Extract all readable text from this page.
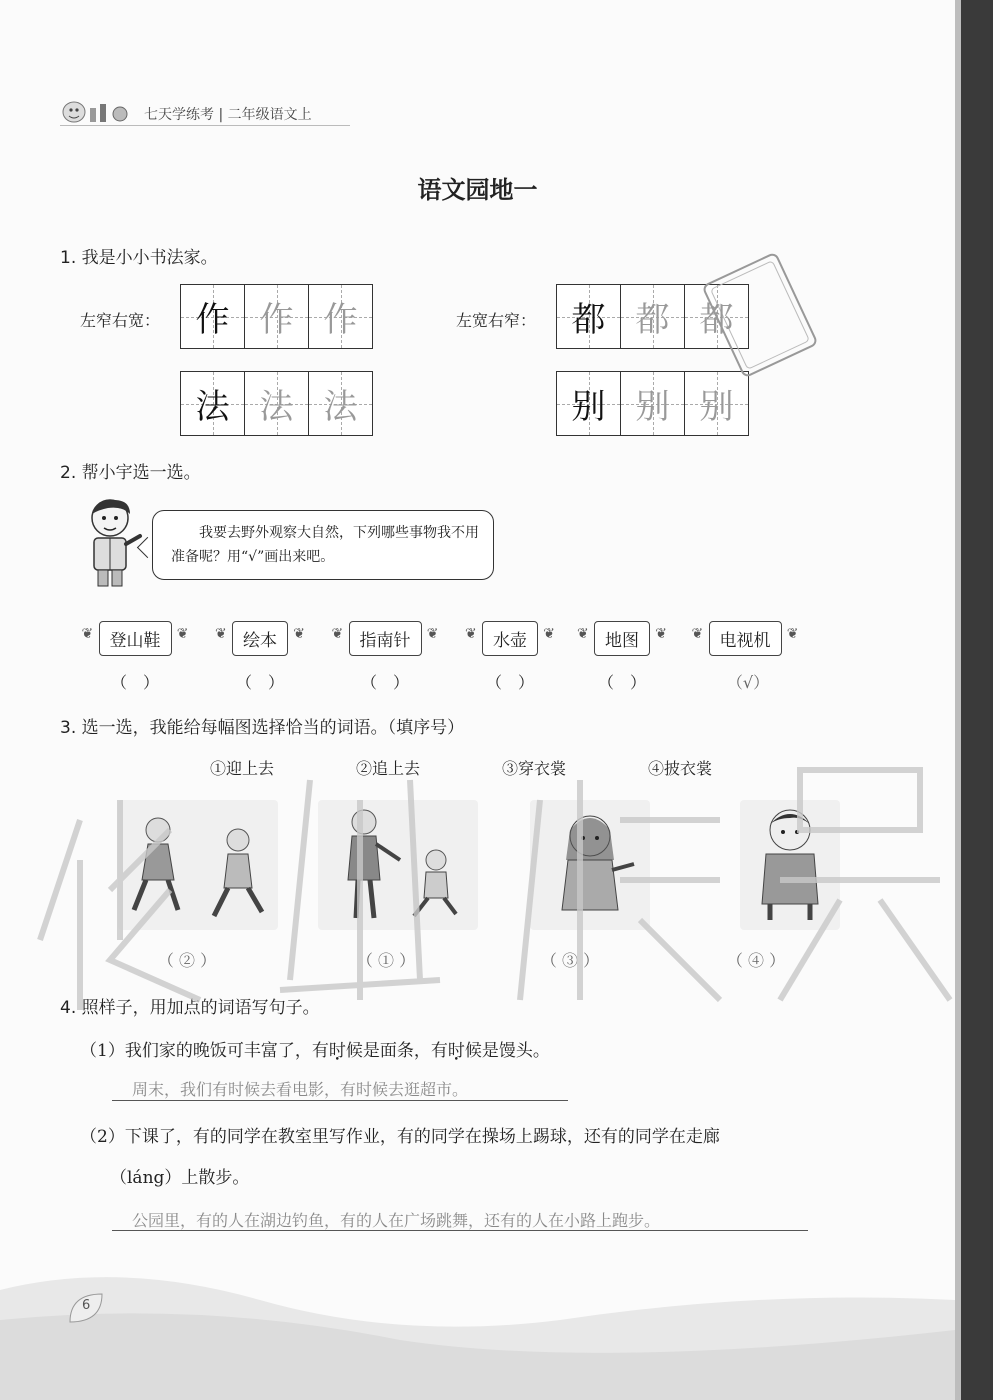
七天学练考 | 二年级语文上
语文园地一
1. 我是小小书法家。
左窄右宽： 作 作 作
法 法 法
左宽右窄： 都 都 都
别 别 别
2. 帮小宇选一选。
我要去野外观察大自然，下列哪些事物我不用准备呢？用“√”画出来吧。
❦ 登山鞋 ❦	❦ 绘本 ❦	❦ 指南针 ❦	❦ 水壶 ❦	❦ 地图 ❦	❦ 电视机 ❦
（　）	（　）	（　）	（　）	（　）	（√）
3. 选一选，我能给每幅图选择恰当的词语。（填序号）
①迎上去	②追上去	③穿衣裳	④披衣裳
（ ② ）	（ ① ）	（ ③ ）	（ ④ ）
4. 照样子，用加点的词语写句子。
（1）我们家的晚饭可丰富了，有时候是面条，有时候是馒头。
周末，我们有时候去看电影，有时候去逛超市。
（2）下课了，有的同学在教室里写作业，有的同学在操场上踢球，还有的同学在走廊
（láng）上散步。
公园里，有的人在湖边钓鱼，有的人在广场跳舞，还有的人在小路上跑步。
6
